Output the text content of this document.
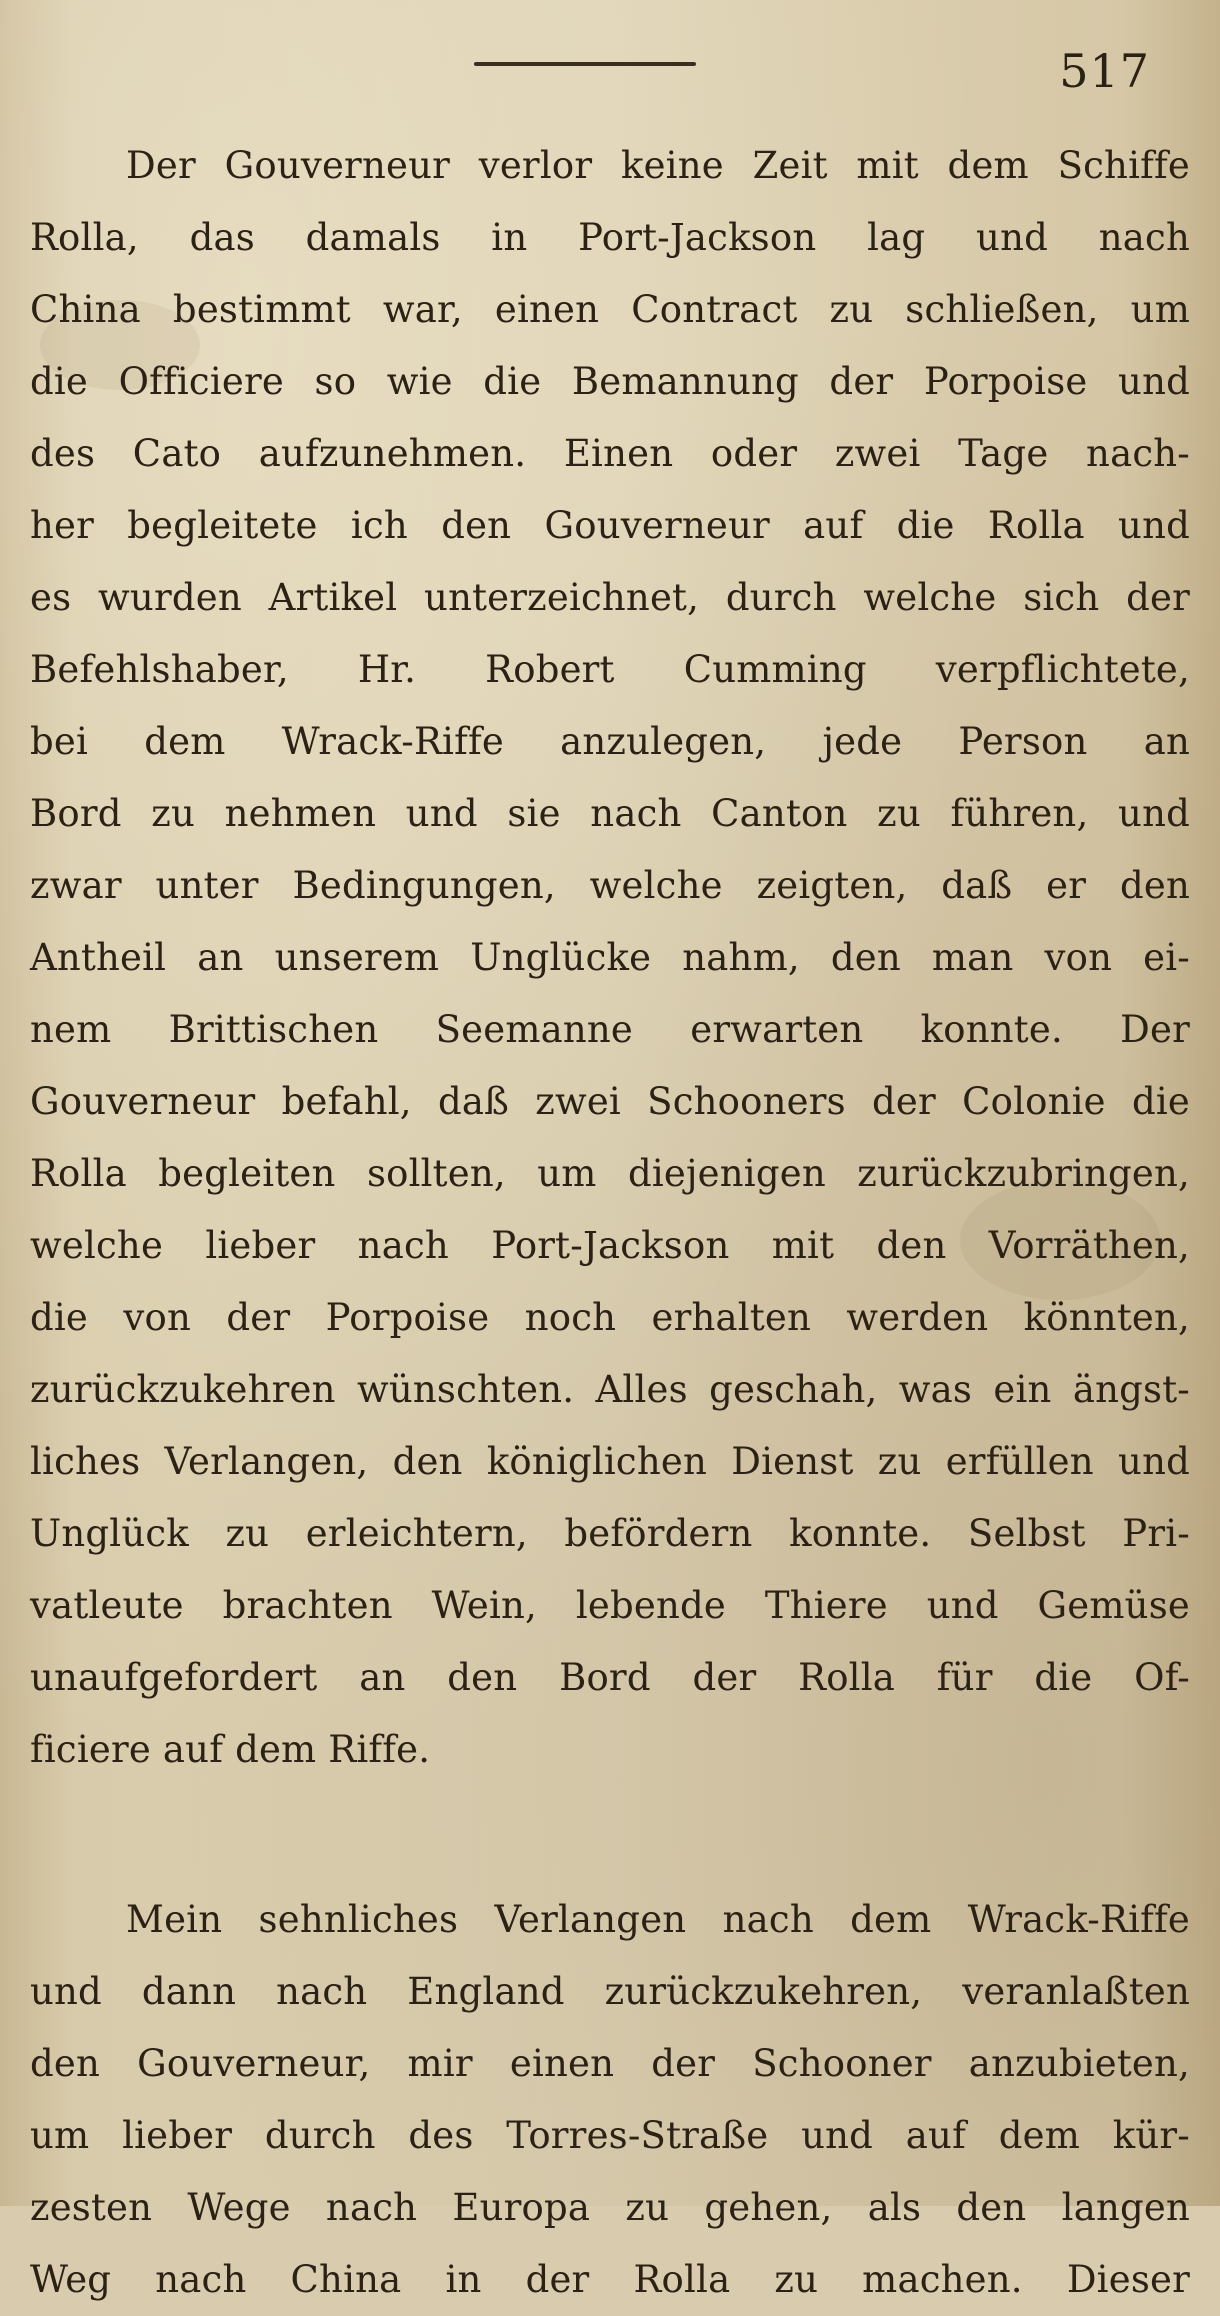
517
Der Gouverneur verlor keine Zeit mit dem Schiffe
Rolla, das damals in Port-Jackson lag und nach
China bestimmt war, einen Contract zu schließen, um
die Officiere so wie die Bemannung der Porpoise und
des Cato aufzunehmen. Einen oder zwei Tage nach-
her begleitete ich den Gouverneur auf die Rolla und
es wurden Artikel unterzeichnet, durch welche sich der
Befehlshaber, Hr. Robert Cumming verpflichtete,
bei dem Wrack-Riffe anzulegen, jede Person an
Bord zu nehmen und sie nach Canton zu führen, und
zwar unter Bedingungen, welche zeigten, daß er den
Antheil an unserem Unglücke nahm, den man von ei-
nem Brittischen Seemanne erwarten konnte. Der
Gouverneur befahl, daß zwei Schooners der Colonie die
Rolla begleiten sollten, um diejenigen zurückzubringen,
welche lieber nach Port-Jackson mit den Vorräthen,
die von der Porpoise noch erhalten werden könnten,
zurückzukehren wünschten. Alles geschah, was ein ängst-
liches Verlangen, den königlichen Dienst zu erfüllen und
Unglück zu erleichtern, befördern konnte. Selbst Pri-
vatleute brachten Wein, lebende Thiere und Gemüse
unaufgefordert an den Bord der Rolla für die Of-
ficiere auf dem Riffe.
Mein sehnliches Verlangen nach dem Wrack-Riffe
und dann nach England zurückzukehren, veranlaßten
den Gouverneur, mir einen der Schooner anzubieten,
um lieber durch des Torres-Straße und auf dem kür-
zesten Wege nach Europa zu gehen, als den langen
Weg nach China in der Rolla zu machen. Dieser
